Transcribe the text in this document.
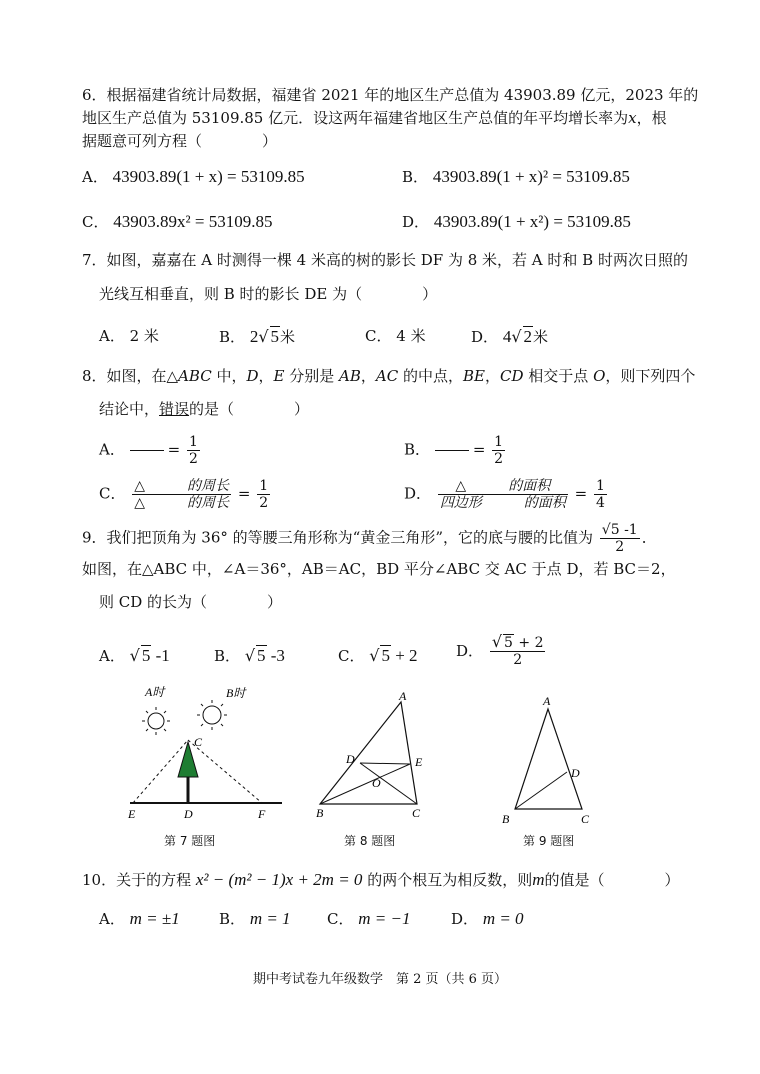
6．根据福建省统计局数据，福建省 2021 年的地区生产总值为 43903.89 亿元，2023 年的
地区生产总值为 53109.85 亿元．设这两年福建省地区生产总值的年平均增长率为x，根
据题意可列方程（　　　　）
A． 43903.89(1 + x) = 53109.85	B． 43903.89(1 + x)² = 53109.85
C． 43903.89x² = 53109.85	D． 43903.89(1 + x²) = 53109.85
7．如图，嘉嘉在 A 时测得一棵 4 米高的树的影长 DF 为 8 米，若 A 时和 B 时两次日照的
光线互相垂直，则 B 时的影长 DE 为（　　　　）
A． 2 米	B． 2√ 5米	C． 4 米	D． 4√ 2米
8．如图，在△ABC 中，D，E 分别是 AB，AC 的中点，BE，CD 相交于点 O，则下列四个
结论中，错误的是（　　　　）
A．	= $\frac{1}{2}$	B．	= $\frac{1}{2}$
C． $\frac{\text{△　　　的周长}}{\text{△　　　的周长}} = \frac{1}{2}$	D． $\frac{\text{△　　　的面积}}{\text{四边形　　　的面积}} = \frac{1}{4}$
9．我们把顶角为 36° 的等腰三角形称为“黄金三角形”，它的底与腰的比值为 $\frac{√5 -1}{2}$ ．
如图，在△ABC 中，∠A＝36°，AB＝AC，BD 平分∠ABC 交 AC 于点 D，若 BC＝2，
则 CD 的长为（　　　　）
A． √ 5 -1	B． √ 5 -3	C． √ 5 + 2	D． $\frac{√ 5 + 2}{2}$
A时	B时
C
E	D	F
第 7 题图
A
D	E
O
B	C
第 8 题图
A
D
B	C
第 9 题图
10．关于的方程 x² − (m² − 1)x + 2m = 0 的两个根互为相反数，则m的值是（　　　　）
A． m = ±1	B． m = 1 C． m = −1	D． m = 0
期中考试卷九年级数学　第 2 页（共 6 页）
